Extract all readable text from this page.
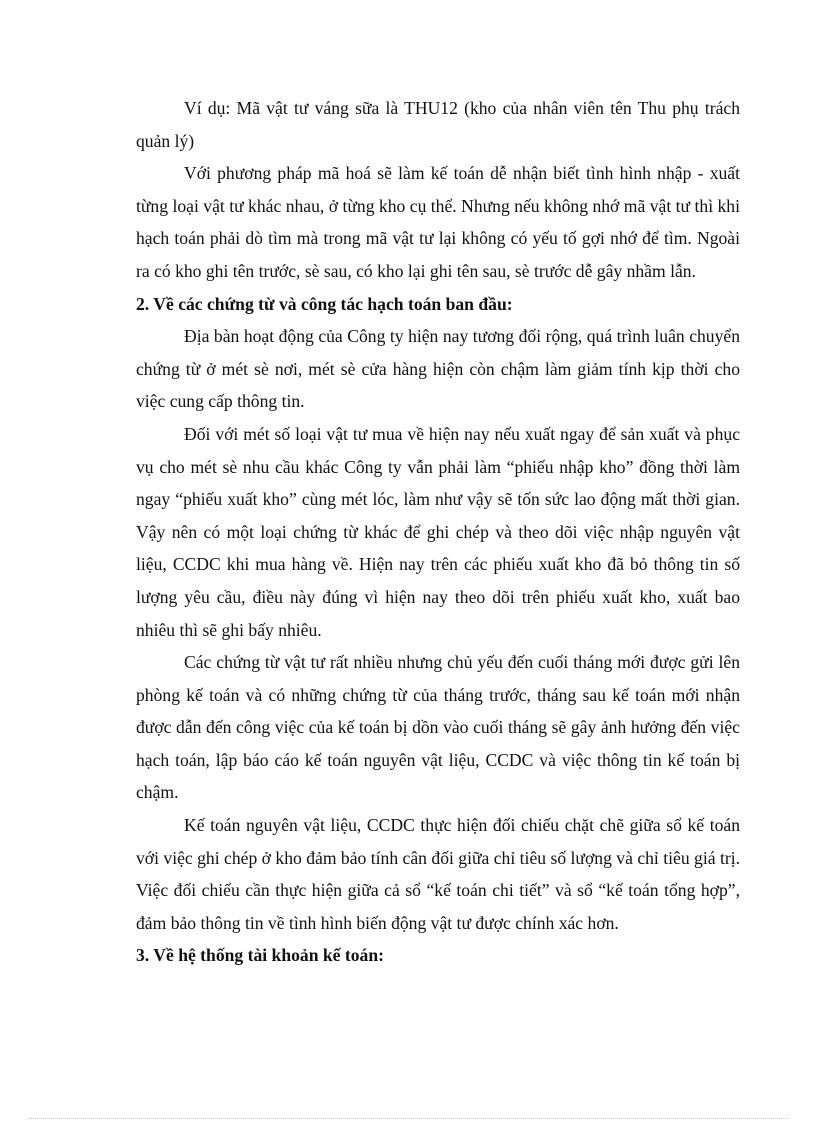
Ví dụ: Mã vật tư váng sữa là THU12 (kho của nhân viên tên Thu phụ trách quản lý)

Với phương pháp mã hoá sẽ làm kế toán dễ nhận biết tình hình nhập - xuất từng loại vật tư khác nhau, ở từng kho cụ thể. Nhưng nếu không nhớ mã vật tư thì khi hạch toán phải dò tìm mà trong mã vật tư lại không có yếu tố gợi nhớ để tìm. Ngoài ra có kho ghi tên trước, sè sau, có kho lại ghi tên sau, sè trước dễ gây nhầm lẫn.

2. Về các chứng từ và công tác hạch toán ban đầu:

Địa bàn hoạt động của Công ty hiện nay tương đối rộng, quá trình luân chuyển chứng từ ở mét sè nơi, mét sè cửa hàng hiện còn chậm làm giảm tính kịp thời cho việc cung cấp thông tin.

Đối với mét số loại vật tư mua về hiện nay nếu xuất ngay để sản xuất và phục vụ cho mét sè nhu cầu khác Công ty vẫn phải làm “phiếu nhập kho” đồng thời làm ngay “phiếu xuất kho” cùng mét lóc, làm như vậy sẽ tốn sức lao động mất thời gian. Vậy nên có một loại chứng từ khác để ghi chép và theo dõi việc nhập nguyên vật liệu, CCDC khi mua hàng về. Hiện nay trên các phiếu xuất kho đã bỏ thông tin số lượng yêu cầu, điều này đúng vì hiện nay theo dõi trên phiếu xuất kho, xuất bao nhiêu thì sẽ ghi bấy nhiêu.

Các chứng từ vật tư rất nhiều nhưng chủ yếu đến cuối tháng mới được gửi lên phòng kế toán và có những chứng từ của tháng trước, tháng sau kế toán mới nhận được dẫn đến công việc của kế toán bị dồn vào cuối tháng sẽ gây ảnh hưởng đến việc hạch toán, lập báo cáo kế toán nguyên vật liệu, CCDC và việc thông tin kế toán bị chậm.

Kế toán nguyên vật liệu, CCDC thực hiện đối chiếu chặt chẽ giữa sổ kế toán với việc ghi chép ở kho đảm bảo tính cân đối giữa chỉ tiêu số lượng và chỉ tiêu giá trị. Việc đối chiếu cần thực hiện giữa cả sổ “kế toán chi tiết” và sổ “kế toán tổng hợp”, đảm bảo thông tin về tình hình biến động vật tư được chính xác hơn.

3. Về hệ thống tài khoản kế toán:
